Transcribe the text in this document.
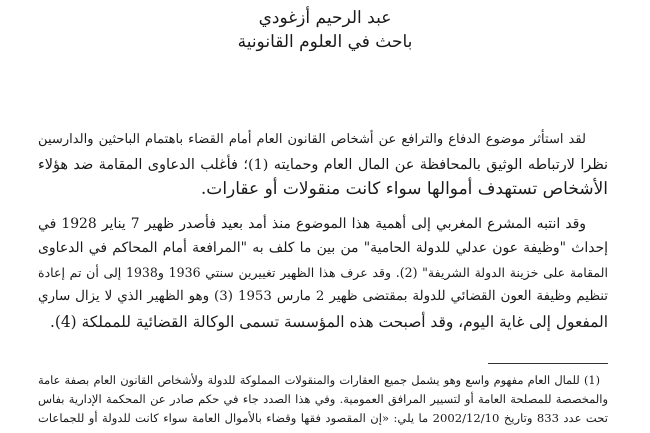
عبد الرحيم أزغودي

باحث في العلوم القانونية

لقد استأثر موضوع الدفاع والترافع عن أشخاص القانون العام أمام القضاء باهتمام الباحثين والدارسين
نظرا لارتباطه الوثيق بالمحافظة عن المال العام وحمايته (1)؛ فأغلب الدعاوى المقامة ضد هؤلاء
الأشخاص تستهدف أموالها سواء كانت منقولات أو عقارات.
وقد انتبه المشرع المغربي إلى أهمية هذا الموضوع منذ أمد بعيد فأصدر ظهير 7 يناير 1928 في
إحداث "وظيفة عون عدلي للدولة الحامية" من بين ما كلف به "المرافعة أمام المحاكم في الدعاوى
المقامة على خزينة الدولة الشريفة" (2). وقد عرف هذا الظهير تغييرين سنتي 1936 و1938 إلى أن تم إعادة
تنظيم وظيفة العون القضائي للدولة بمقتضى ظهير 2 مارس 1953 (3) وهو الظهير الذي لا يزال ساري
المفعول إلى غاية اليوم، وقد أصبحت هذه المؤسسة تسمى الوكالة القضائية للمملكة (4).
(1) للمال العام مفهوم واسع وهو يشمل جميع العقارات والمنقولات المملوكة للدولة ولأشخاص القانون العام بصفة عامة
والمخصصة للمصلحة العامة أو لتسيير المرافق العمومية. وفي هذا الصدد جاء في حكم صادر عن المحكمة الإدارية بفاس
تحت عدد 833 وتاريخ 2002/12/10 ما يلي: «إن المقصود فقها وقضاء بالأموال العامة سواء كانت للدولة أو للجماعات
